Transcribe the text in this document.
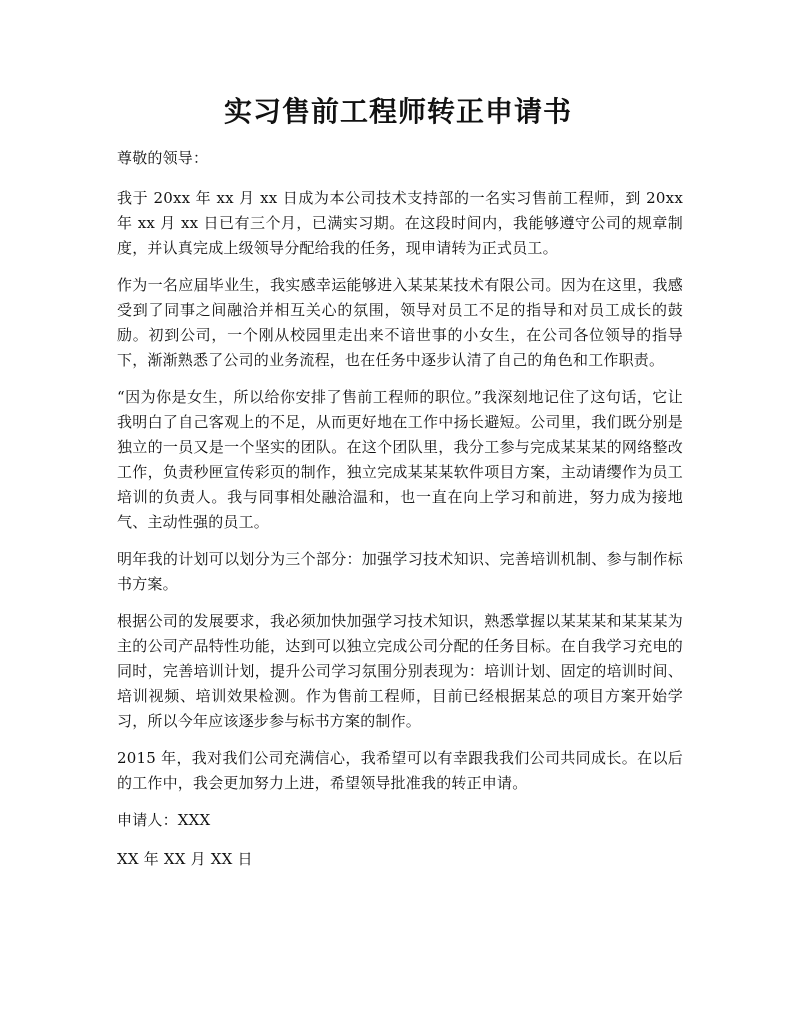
实习售前工程师转正申请书

尊敬的领导：

我于 20xx 年 xx 月 xx 日成为本公司技术支持部的一名实习售前工程师，到 20xx 年 xx 月 xx 日已有三个月，已满实习期。在这段时间内，我能够遵守公司的规章制度，并认真完成上级领导分配给我的任务，现申请转为正式员工。

作为一名应届毕业生，我实感幸运能够进入某某某技术有限公司。因为在这里，我感受到了同事之间融洽并相互关心的氛围，领导对员工不足的指导和对员工成长的鼓励。初到公司，一个刚从校园里走出来不谙世事的小女生，在公司各位领导的指导下，渐渐熟悉了公司的业务流程，也在任务中逐步认清了自己的角色和工作职责。

“因为你是女生，所以给你安排了售前工程师的职位。”我深刻地记住了这句话，它让我明白了自己客观上的不足，从而更好地在工作中扬长避短。公司里，我们既分别是独立的一员又是一个坚实的团队。在这个团队里，我分工参与完成某某某的网络整改工作，负责秒匣宣传彩页的制作，独立完成某某某软件项目方案，主动请缨作为员工培训的负责人。我与同事相处融洽温和，也一直在向上学习和前进，努力成为接地气、主动性强的员工。

明年我的计划可以划分为三个部分：加强学习技术知识、完善培训机制、参与制作标书方案。

根据公司的发展要求，我必须加快加强学习技术知识，熟悉掌握以某某某和某某某为主的公司产品特性功能，达到可以独立完成公司分配的任务目标。在自我学习充电的同时，完善培训计划，提升公司学习氛围分别表现为：培训计划、固定的培训时间、培训视频、培训效果检测。作为售前工程师，目前已经根据某总的项目方案开始学习，所以今年应该逐步参与标书方案的制作。

2015 年，我对我们公司充满信心，我希望可以有幸跟我我们公司共同成长。在以后的工作中，我会更加努力上进，希望领导批准我的转正申请。

申请人：XXX

XX 年 XX 月 XX 日
